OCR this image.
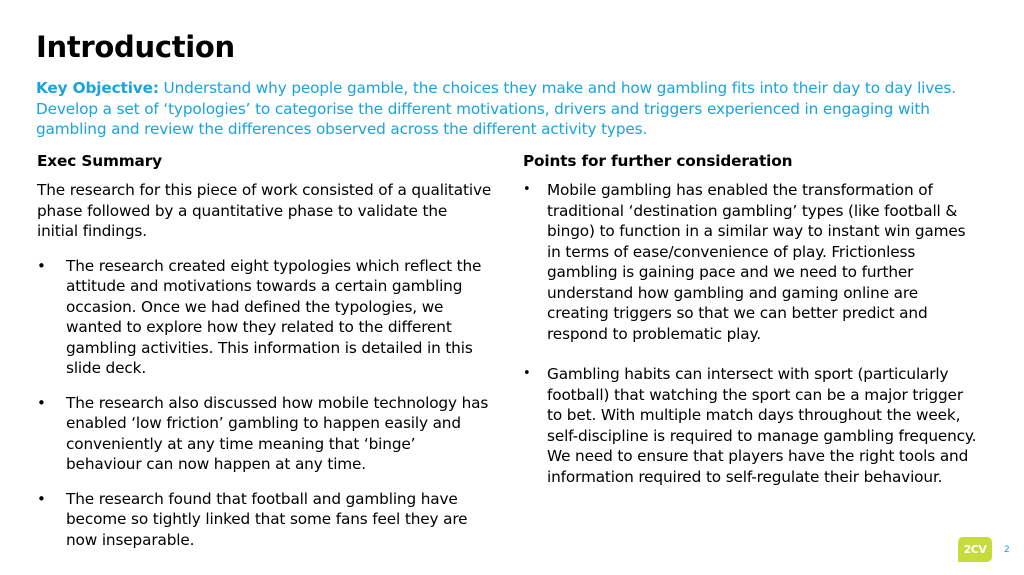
Introduction
Key Objective: Understand why people gamble, the choices they make and how gambling fits into their day to day lives. Develop a set of ‘typologies’ to categorise the different motivations, drivers and triggers experienced in engaging with gambling and review the differences observed across the different activity types.
Exec Summary

The research for this piece of work consisted of a qualitative phase followed by a quantitative phase to validate the initial findings.

• The research created eight typologies which reflect the attitude and motivations towards a certain gambling occasion. Once we had defined the typologies, we wanted to explore how they related to the different gambling activities. This information is detailed in this slide deck.
• The research also discussed how mobile technology has enabled ‘low friction’ gambling to happen easily and conveniently at any time meaning that ‘binge’ behaviour can now happen at any time.
• The research found that football and gambling have become so tightly linked that some fans feel they are now inseparable.
Points for further consideration
• Mobile gambling has enabled the transformation of traditional ‘destination gambling’ types (like football & bingo) to function in a similar way to instant win games in terms of ease/convenience of play. Frictionless gambling is gaining pace and we need to further understand how gambling and gaming online are creating triggers so that we can better predict and respond to problematic play.
• Gambling habits can intersect with sport (particularly football) that watching the sport can be a major trigger to bet. With multiple match days throughout the week, self-discipline is required to manage gambling frequency. We need to ensure that players have the right tools and information required to self-regulate their behaviour.
2CV	2
